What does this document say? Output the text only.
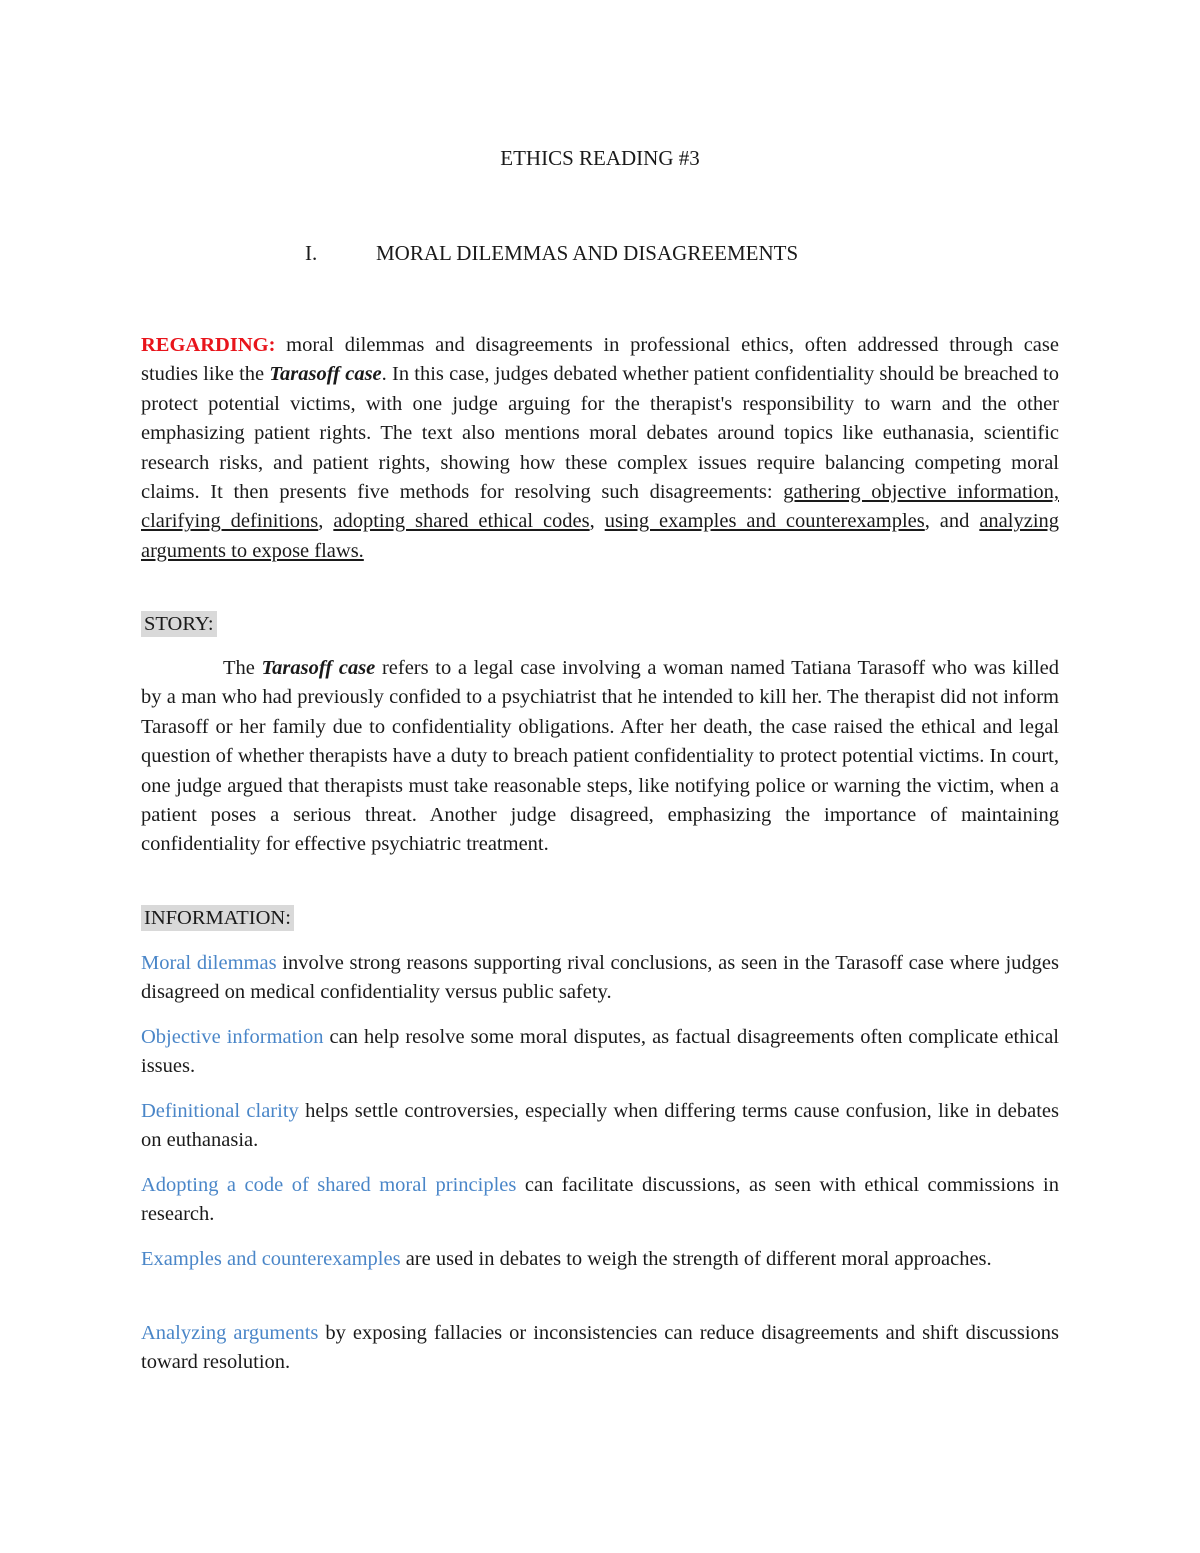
ETHICS READING #3
I.	MORAL DILEMMAS AND DISAGREEMENTS

REGARDING: moral dilemmas and disagreements in professional ethics, often addressed through case studies like the Tarasoff case. In this case, judges debated whether patient confidentiality should be breached to protect potential victims, with one judge arguing for the therapist's responsibility to warn and the other emphasizing patient rights. The text also mentions moral debates around topics like euthanasia, scientific research risks, and patient rights, showing how these complex issues require balancing competing moral claims. It then presents five methods for resolving such disagreements: gathering objective information, clarifying definitions, adopting shared ethical codes, using examples and counterexamples, and analyzing arguments to expose flaws.

STORY:

The Tarasoff case refers to a legal case involving a woman named Tatiana Tarasoff who was killed by a man who had previously confided to a psychiatrist that he intended to kill her. The therapist did not inform Tarasoff or her family due to confidentiality obligations. After her death, the case raised the ethical and legal question of whether therapists have a duty to breach patient confidentiality to protect potential victims. In court, one judge argued that therapists must take reasonable steps, like notifying police or warning the victim, when a patient poses a serious threat. Another judge disagreed, emphasizing the importance of maintaining confidentiality for effective psychiatric treatment.

INFORMATION:

Moral dilemmas involve strong reasons supporting rival conclusions, as seen in the Tarasoff case where judges disagreed on medical confidentiality versus public safety.

Objective information can help resolve some moral disputes, as factual disagreements often complicate ethical issues.

Definitional clarity helps settle controversies, especially when differing terms cause confusion, like in debates on euthanasia.

Adopting a code of shared moral principles can facilitate discussions, as seen with ethical commissions in research.

Examples and counterexamples are used in debates to weigh the strength of different moral approaches.

Analyzing arguments by exposing fallacies or inconsistencies can reduce disagreements and shift discussions toward resolution.
